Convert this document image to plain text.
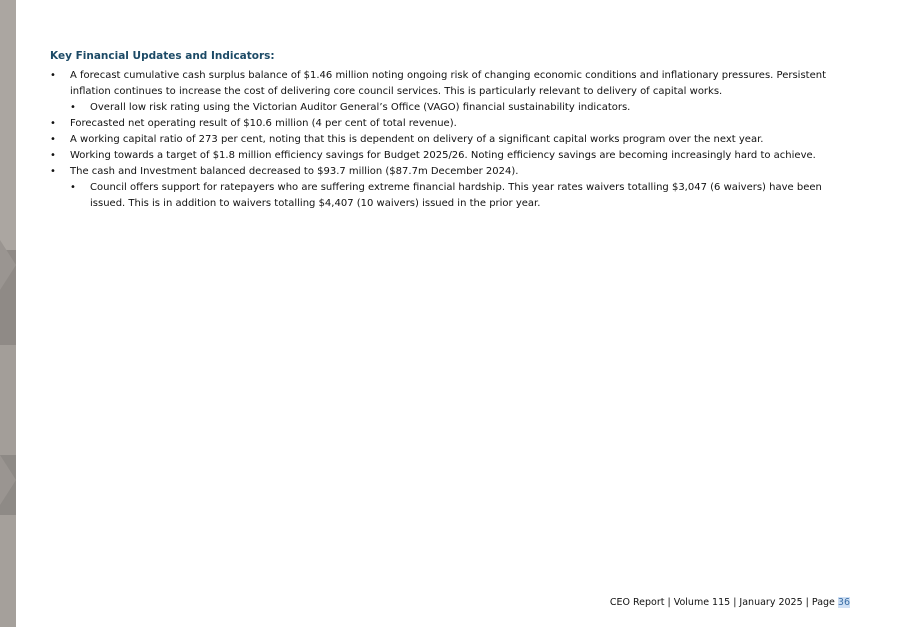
Key Financial Updates and Indicators:
• A forecast cumulative cash surplus balance of $1.46 million noting ongoing risk of changing economic conditions and inflationary pressures. Persistent inflation continues to increase the cost of delivering core council services. This is particularly relevant to delivery of capital works.
• Overall low risk rating using the Victorian Auditor General’s Office (VAGO) financial sustainability indicators.
• Forecasted net operating result of $10.6 million (4 per cent of total revenue).
• A working capital ratio of 273 per cent, noting that this is dependent on delivery of a significant capital works program over the next year.
• Working towards a target of $1.8 million efficiency savings for Budget 2025/26. Noting efficiency savings are becoming increasingly hard to achieve.
• The cash and Investment balanced decreased to $93.7 million ($87.7m December 2024).
• Council offers support for ratepayers who are suffering extreme financial hardship. This year rates waivers totalling $3,047 (6 waivers) have been issued. This is in addition to waivers totalling $4,407 (10 waivers) issued in the prior year.
CEO Report | Volume 115 | January 2025 | Page 36
